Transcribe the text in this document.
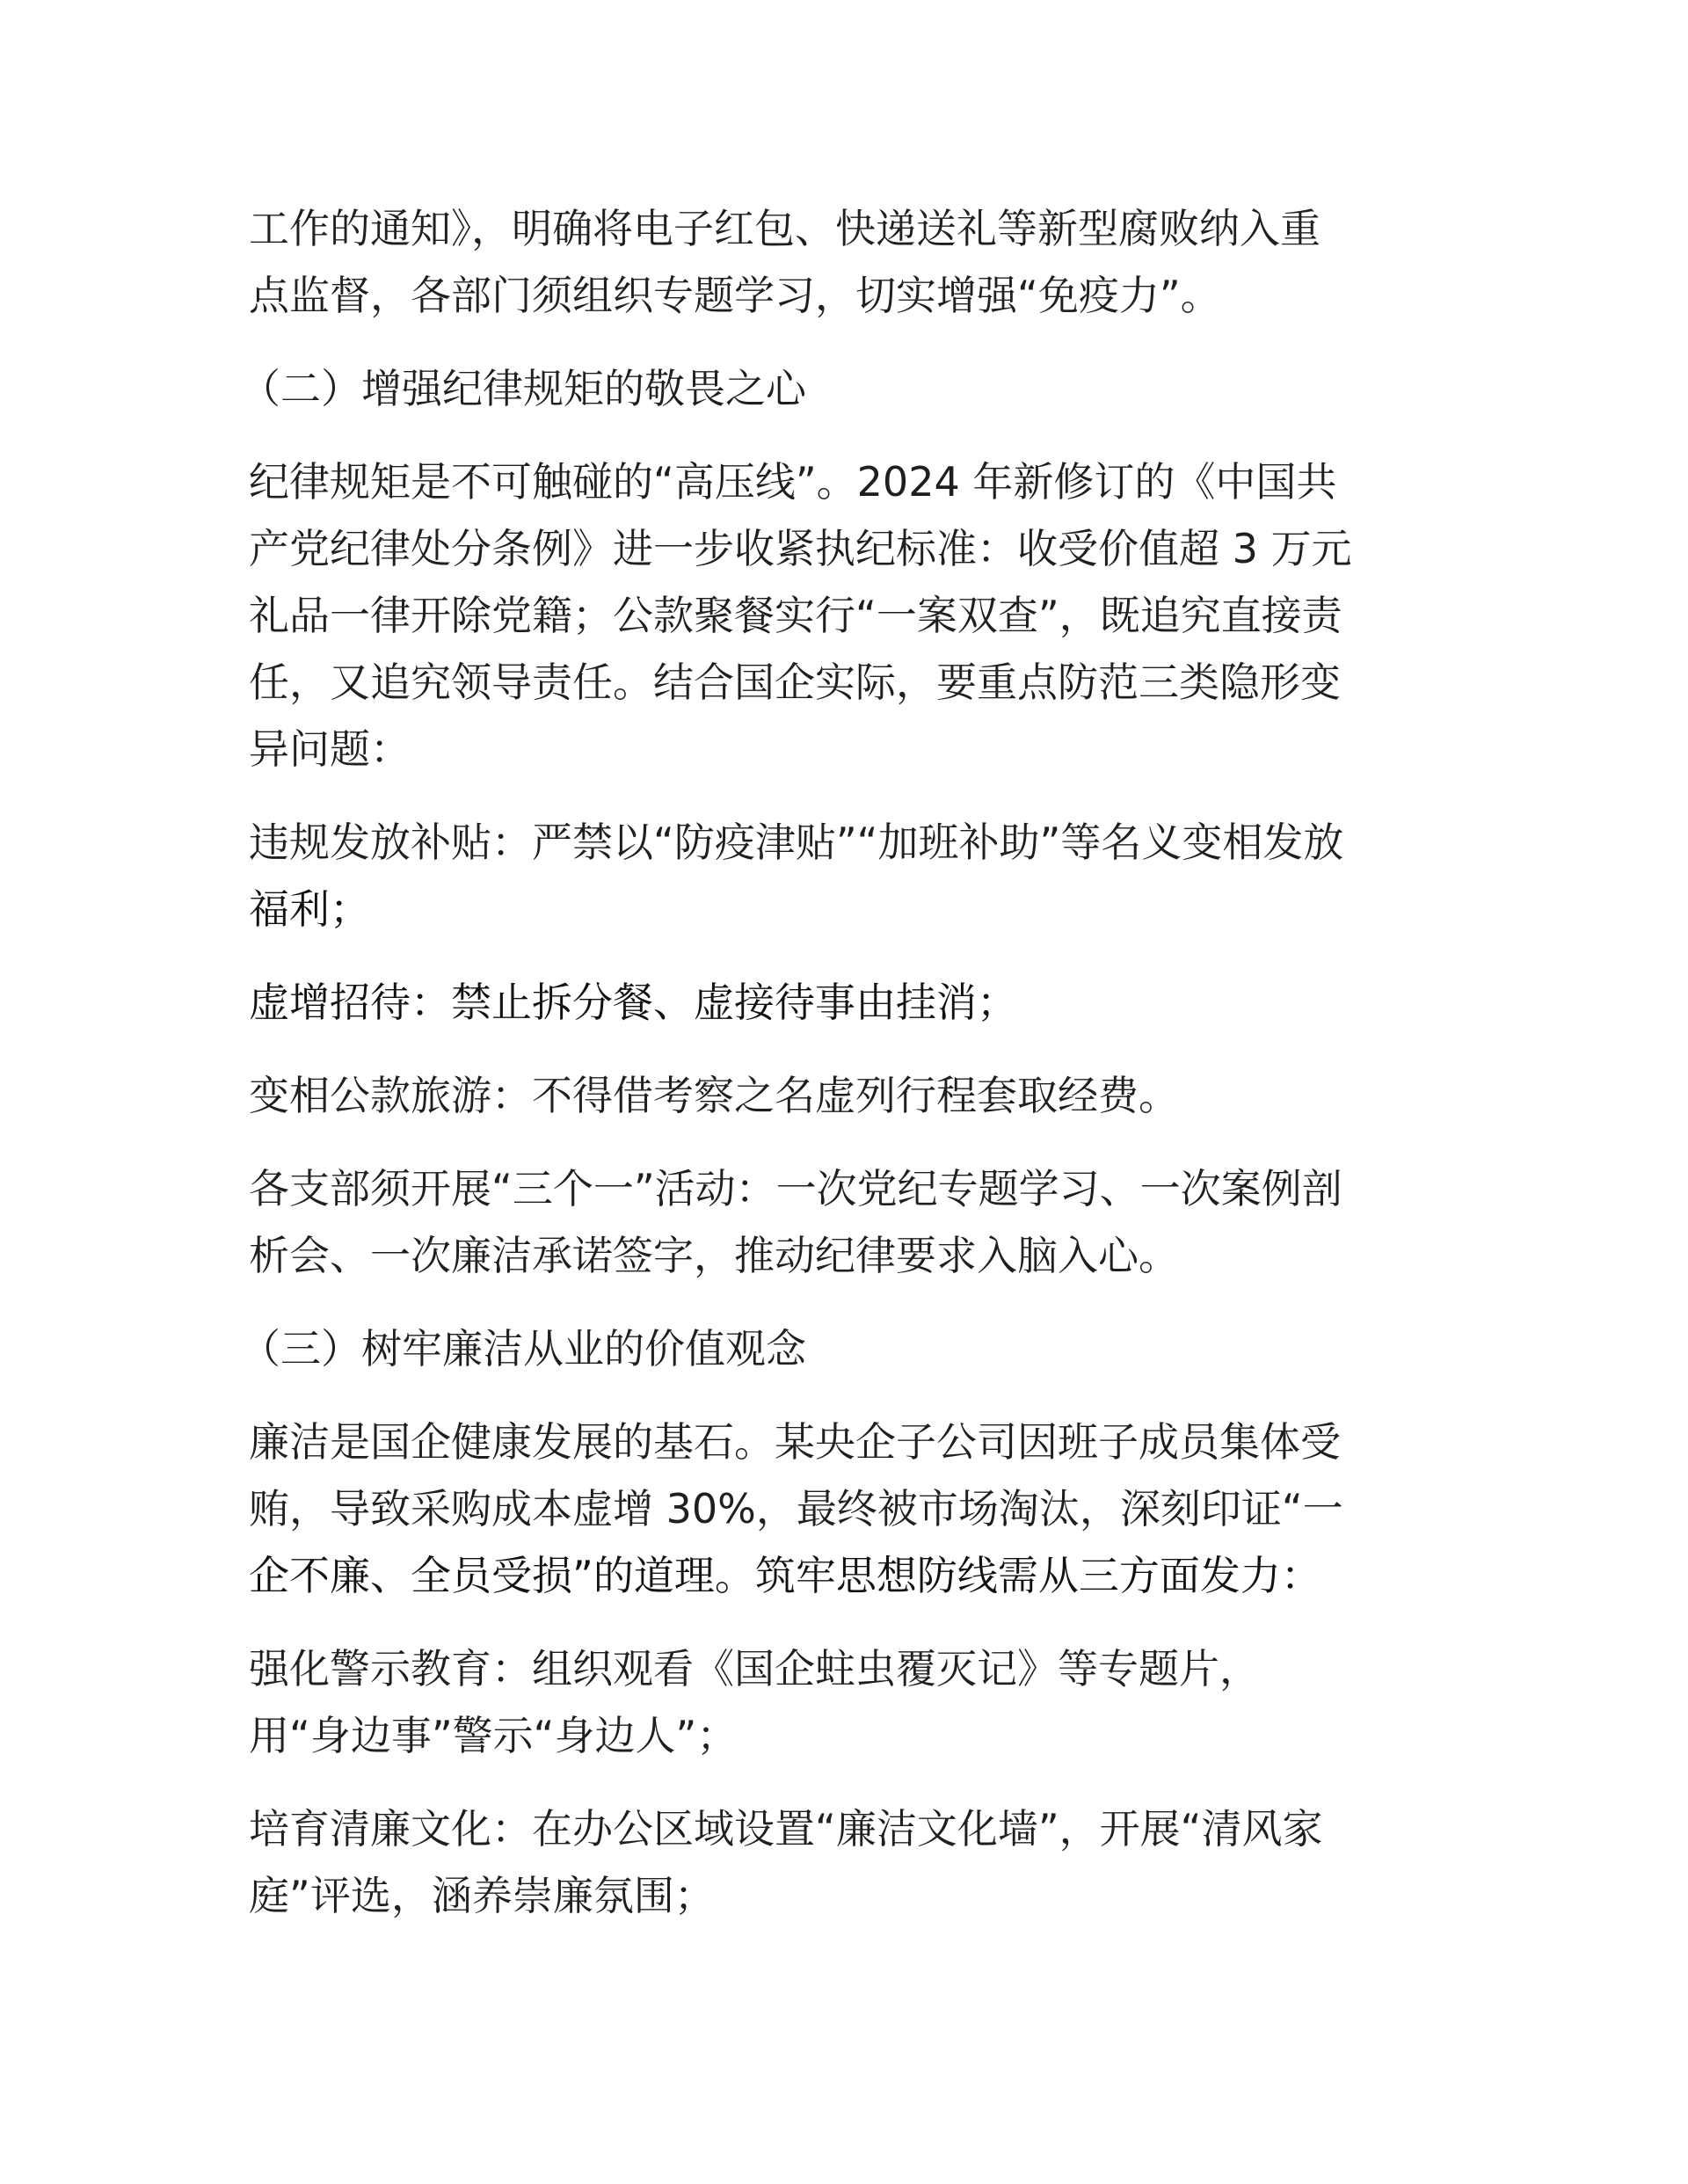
工作的通知》，明确将电子红包、快递送礼等新型腐败纳入重
点监督，各部门须组织专题学习，切实增强“免疫力”。

（二）增强纪律规矩的敬畏之心

纪律规矩是不可触碰的“高压线”。2024 年新修订的《中国共
产党纪律处分条例》进一步收紧执纪标准：收受价值超 3 万元
礼品一律开除党籍；公款聚餐实行“一案双查”，既追究直接责
任，又追究领导责任。结合国企实际，要重点防范三类隐形变
异问题：

违规发放补贴：严禁以“防疫津贴”“加班补助”等名义变相发放
福利；

虚增招待：禁止拆分餐、虚接待事由挂消；

变相公款旅游：不得借考察之名虚列行程套取经费。

各支部须开展“三个一”活动：一次党纪专题学习、一次案例剖
析会、一次廉洁承诺签字，推动纪律要求入脑入心。

（三）树牢廉洁从业的价值观念

廉洁是国企健康发展的基石。某央企子公司因班子成员集体受
贿，导致采购成本虚增 30%，最终被市场淘汰，深刻印证“一
企不廉、全员受损”的道理。筑牢思想防线需从三方面发力：

强化警示教育：组织观看《国企蛀虫覆灭记》等专题片，
用“身边事”警示“身边人”；

培育清廉文化：在办公区域设置“廉洁文化墙”，开展“清风家
庭”评选，涵养崇廉氛围；
